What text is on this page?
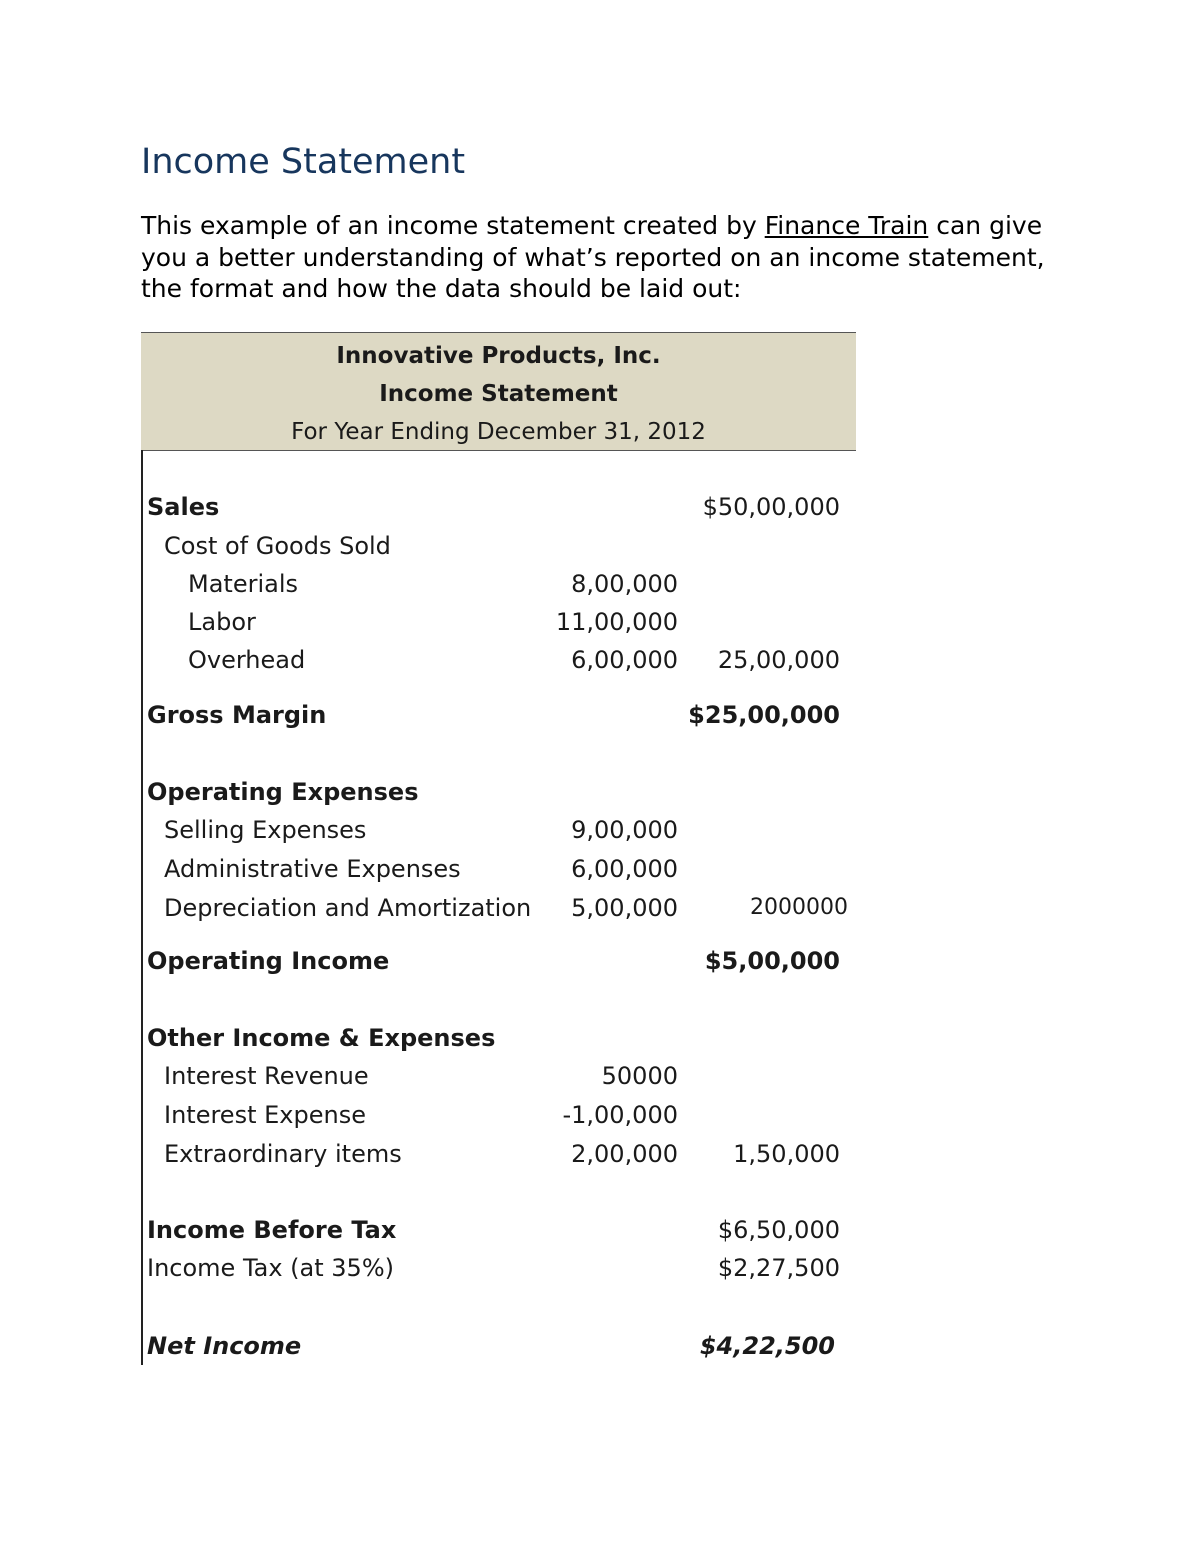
Income Statement
This example of an income statement created by Finance Train can give you a better understanding of what’s reported on an income statement, the format and how the data should be laid out:
Innovative Products, Inc.
Income Statement
For Year Ending December 31, 2012
Sales	$50,00,000
Cost of Goods Sold
Materials	8,00,000
Labor	11,00,000
Overhead	6,00,000 25,00,000
Gross Margin	$25,00,000
Operating Expenses
Selling Expenses	9,00,000
Administrative Expenses	6,00,000
Depreciation and Amortization 5,00,000	2000000
Operating Income	$5,00,000
Other Income & Expenses
Interest Revenue	50000
Interest Expense	-1,00,000
Extraordinary items	2,00,000 1,50,000
Income Before Tax	$6,50,000
Income Tax (at 35%)	$2,27,500
Net Income	$4,22,500
